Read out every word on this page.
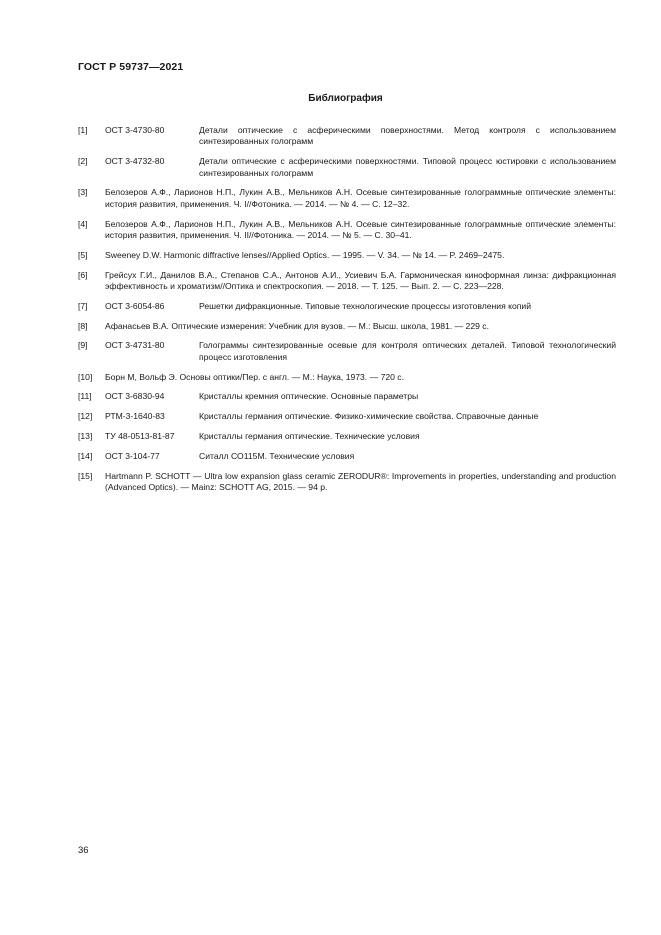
ГОСТ Р 59737—2021
Библиография
[1]	ОСТ 3-4730-80	Детали оптические с асферическими поверхностями. Метод контроля с использованием синтезированных голограмм
[2]	ОСТ 3-4732-80	Детали оптические с асферическими поверхностями. Типовой процесс юстировки с использованием синтезированных голограмм
[3]	Белозеров А.Ф., Ларионов Н.П., Лукин А.В., Мельников А.Н. Осевые синтезированные голограммные оптические элементы: история развития, применения. Ч. I//Фотоника. — 2014. — № 4. — С. 12–32.
[4]	Белозеров А.Ф., Ларионов Н.П., Лукин А.В., Мельников А.Н. Осевые синтезированные голограммные оптические элементы: история развития, применения. Ч. II//Фотоника. — 2014. — № 5. — С. 30–41.
[5]	Sweeney D.W. Harmonic diffractive lenses//Applied Optics. — 1995. — V. 34. — № 14. — P. 2469–2475.
[6]	Грейсух Г.И., Данилов В.А., Степанов С.А., Антонов А.И., Усиевич Б.А. Гармоническая киноформная линза: дифракционная эффективность и хроматизм//Оптика и спектроскопия. — 2018. — Т. 125. — Вып. 2. — С. 223—228.
[7]	ОСТ 3-6054-86	Решетки дифракционные. Типовые технологические процессы изготовления копий
[8]	Афанасьев В.А. Оптические измерения: Учебник для вузов. — М.: Высш. школа, 1981. — 229 с.
[9]	ОСТ 3-4731-80	Голограммы синтезированные осевые для контроля оптических деталей. Типовой технологический процесс изготовления
[10]	Борн М, Вольф Э. Основы оптики/Пер. с англ. — М.: Наука, 1973. — 720 с.
[11]	ОСТ 3-6830-94	Кристаллы кремния оптические. Основные параметры
[12]	РТМ-3-1640-83	Кристаллы германия оптические. Физико-химические свойства. Справочные данные
[13]	ТУ 48-0513-81-87	Кристаллы германия оптические. Технические условия
[14]	ОСТ 3-104-77	Ситалл СО115М. Технические условия
[15]	Hartmann P. SCHOTT — Ultra low expansion glass ceramic ZERODUR®: Improvements in properties, understanding and production (Advanced Optics). — Mainz: SCHOTT AG, 2015. — 94 p.
36
